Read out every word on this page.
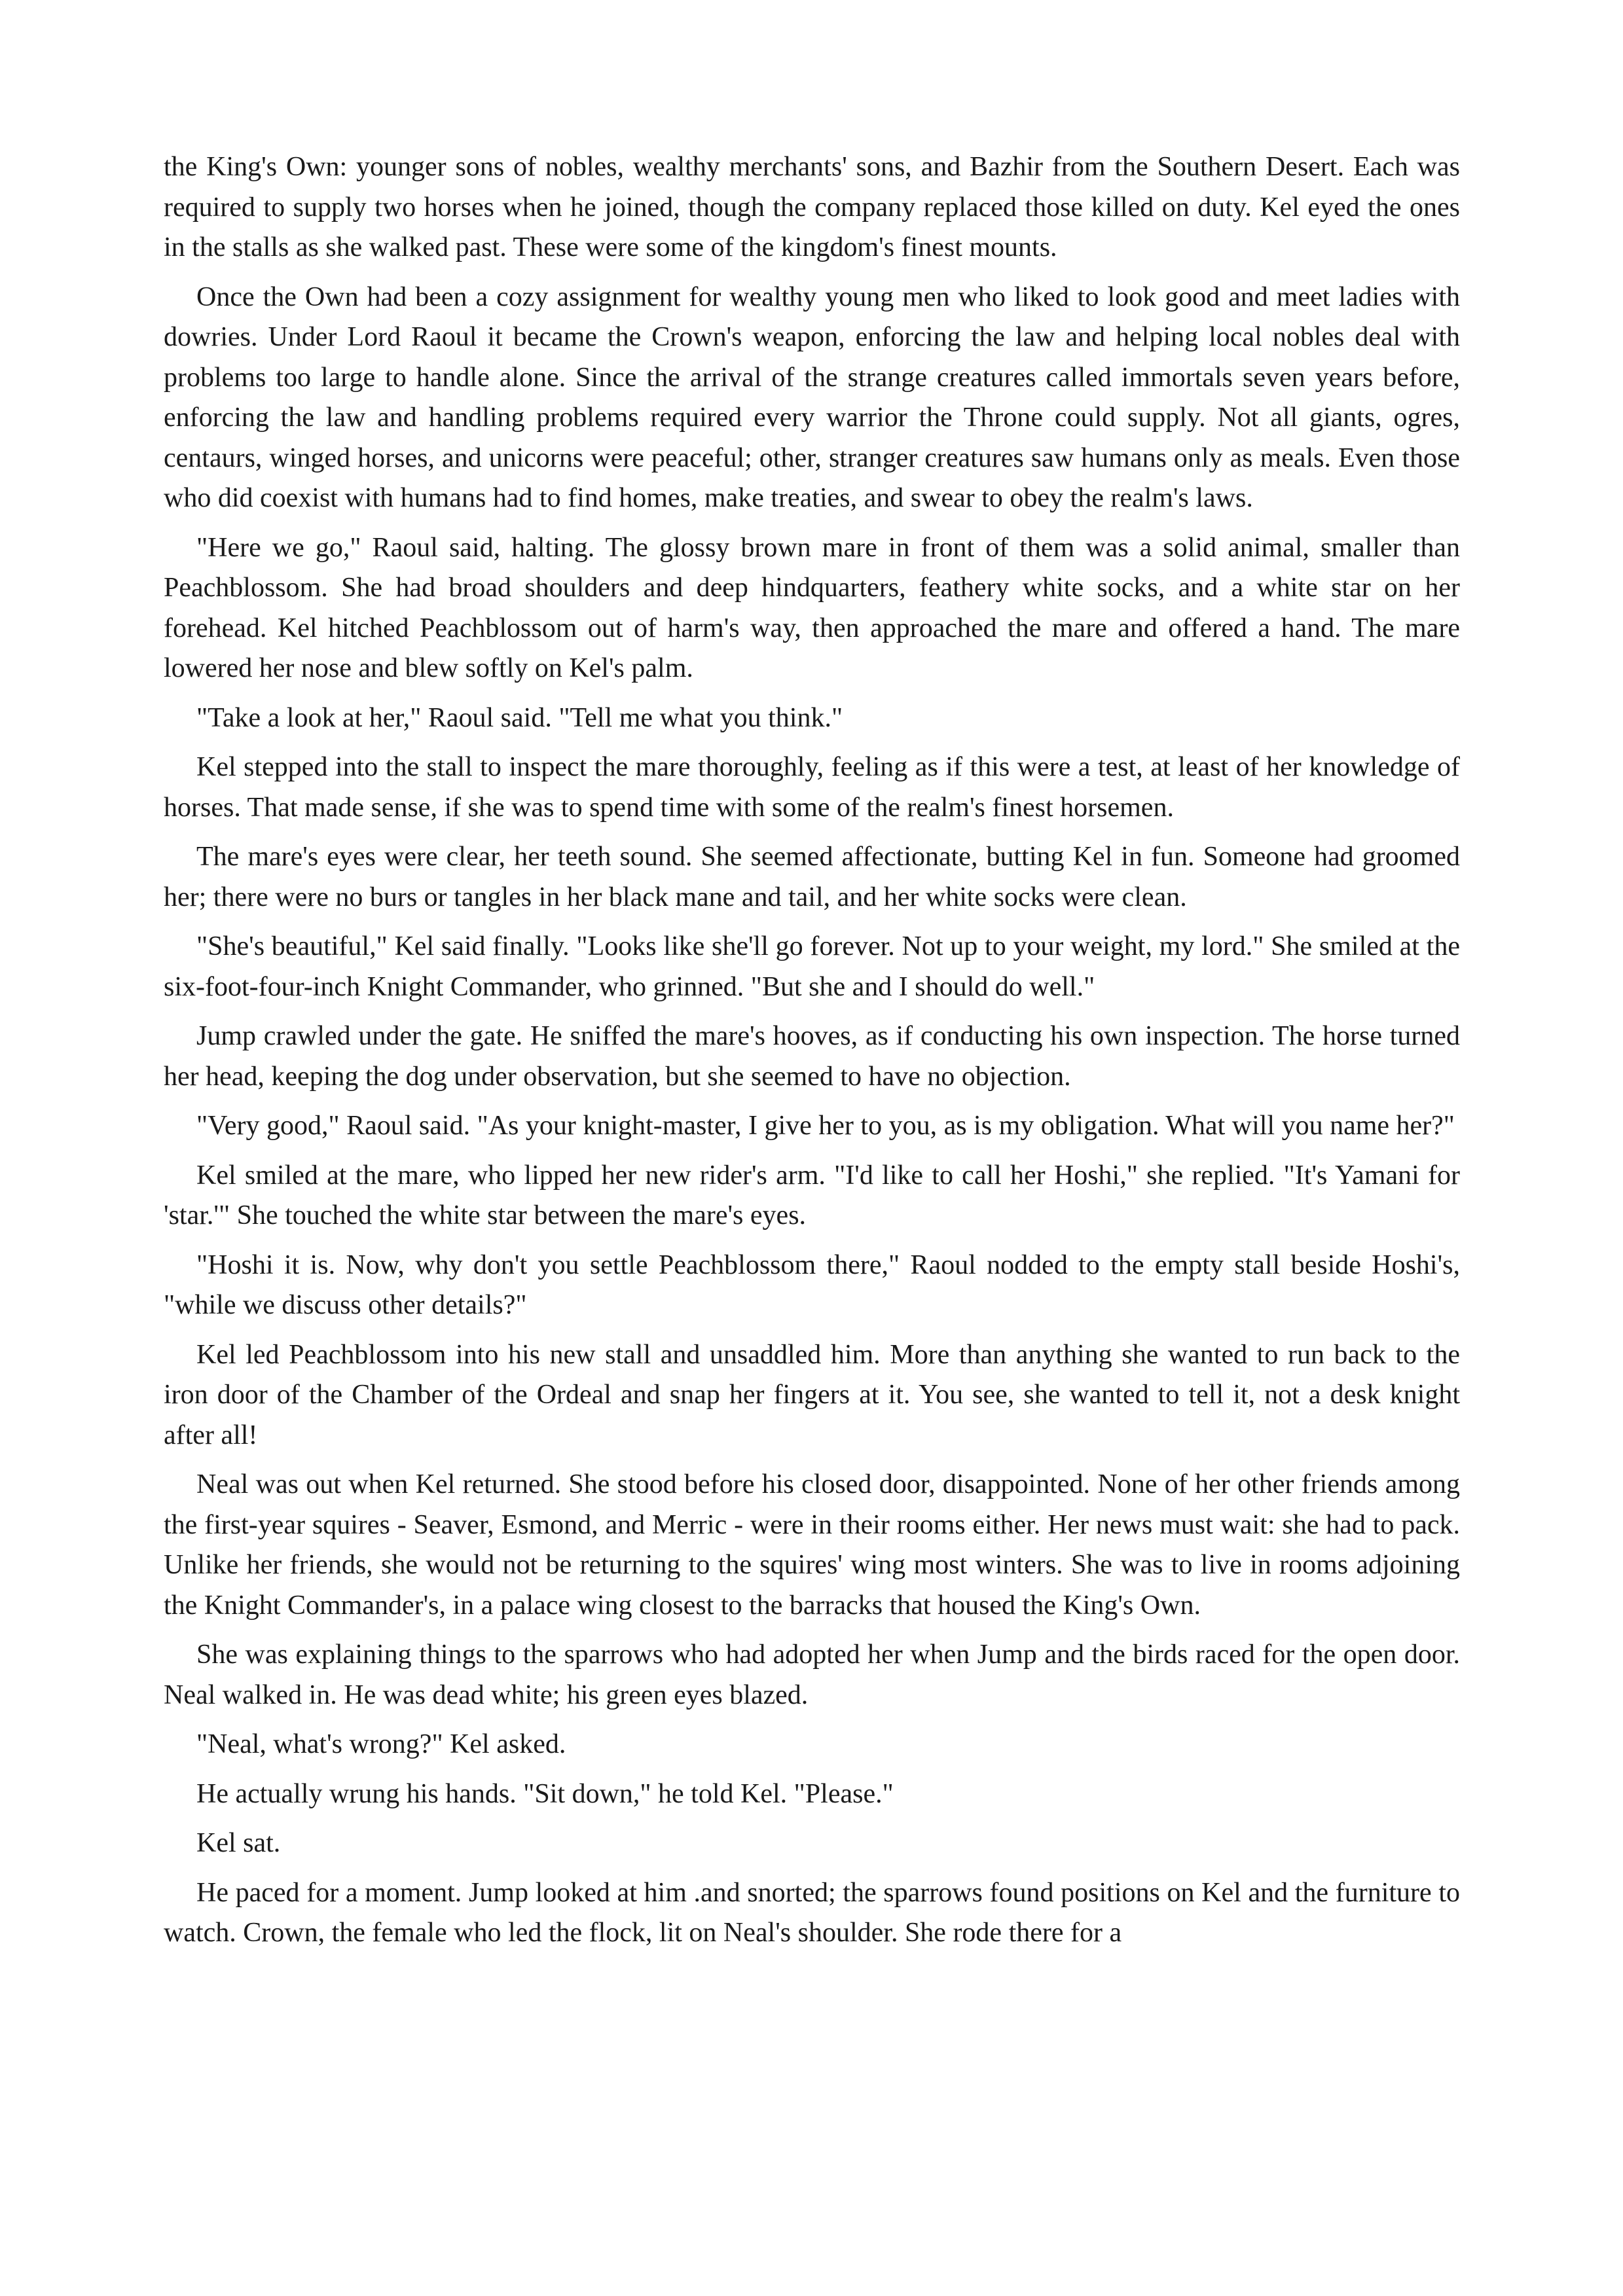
the King's Own: younger sons of nobles, wealthy merchants' sons, and Bazhir from the Southern Desert. Each was required to supply two horses when he joined, though the company replaced those killed on duty. Kel eyed the ones in the stalls as she walked past. These were some of the kingdom's finest mounts.

Once the Own had been a cozy assignment for wealthy young men who liked to look good and meet ladies with dowries. Under Lord Raoul it became the Crown's weapon, enforcing the law and helping local nobles deal with problems too large to handle alone. Since the arrival of the strange creatures called immortals seven years before, enforcing the law and handling problems required every warrior the Throne could supply. Not all giants, ogres, centaurs, winged horses, and unicorns were peaceful; other, stranger creatures saw humans only as meals. Even those who did coexist with humans had to find homes, make treaties, and swear to obey the realm's laws.

"Here we go," Raoul said, halting. The glossy brown mare in front of them was a solid animal, smaller than Peachblossom. She had broad shoulders and deep hindquarters, feathery white socks, and a white star on her forehead. Kel hitched Peachblossom out of harm's way, then approached the mare and offered a hand. The mare lowered her nose and blew softly on Kel's palm.

"Take a look at her," Raoul said. "Tell me what you think."

Kel stepped into the stall to inspect the mare thoroughly, feeling as if this were a test, at least of her knowledge of horses. That made sense, if she was to spend time with some of the realm's finest horsemen.

The mare's eyes were clear, her teeth sound. She seemed affectionate, butting Kel in fun. Someone had groomed her; there were no burs or tangles in her black mane and tail, and her white socks were clean.

"She's beautiful," Kel said finally. "Looks like she'll go forever. Not up to your weight, my lord." She smiled at the six-foot-four-inch Knight Commander, who grinned. "But she and I should do well."

Jump crawled under the gate. He sniffed the mare's hooves, as if conducting his own inspection. The horse turned her head, keeping the dog under observation, but she seemed to have no objection.

"Very good," Raoul said. "As your knight-master, I give her to you, as is my obligation. What will you name her?"

Kel smiled at the mare, who lipped her new rider's arm. "I'd like to call her Hoshi," she replied. "It's Yamani for 'star.'" She touched the white star between the mare's eyes.

"Hoshi it is. Now, why don't you settle Peachblossom there," Raoul nodded to the empty stall beside Hoshi's, "while we discuss other details?"

Kel led Peachblossom into his new stall and unsaddled him. More than anything she wanted to run back to the iron door of the Chamber of the Ordeal and snap her fingers at it. You see, she wanted to tell it, not a desk knight after all!

Neal was out when Kel returned. She stood before his closed door, disappointed. None of her other friends among the first-year squires - Seaver, Esmond, and Merric - were in their rooms either. Her news must wait: she had to pack. Unlike her friends, she would not be returning to the squires' wing most winters. She was to live in rooms adjoining the Knight Commander's, in a palace wing closest to the barracks that housed the King's Own.

She was explaining things to the sparrows who had adopted her when Jump and the birds raced for the open door. Neal walked in. He was dead white; his green eyes blazed.

"Neal, what's wrong?" Kel asked.

He actually wrung his hands. "Sit down," he told Kel. "Please."

Kel sat.

He paced for a moment. Jump looked at him .and snorted; the sparrows found positions on Kel and the furniture to watch. Crown, the female who led the flock, lit on Neal's shoulder. She rode there for a
